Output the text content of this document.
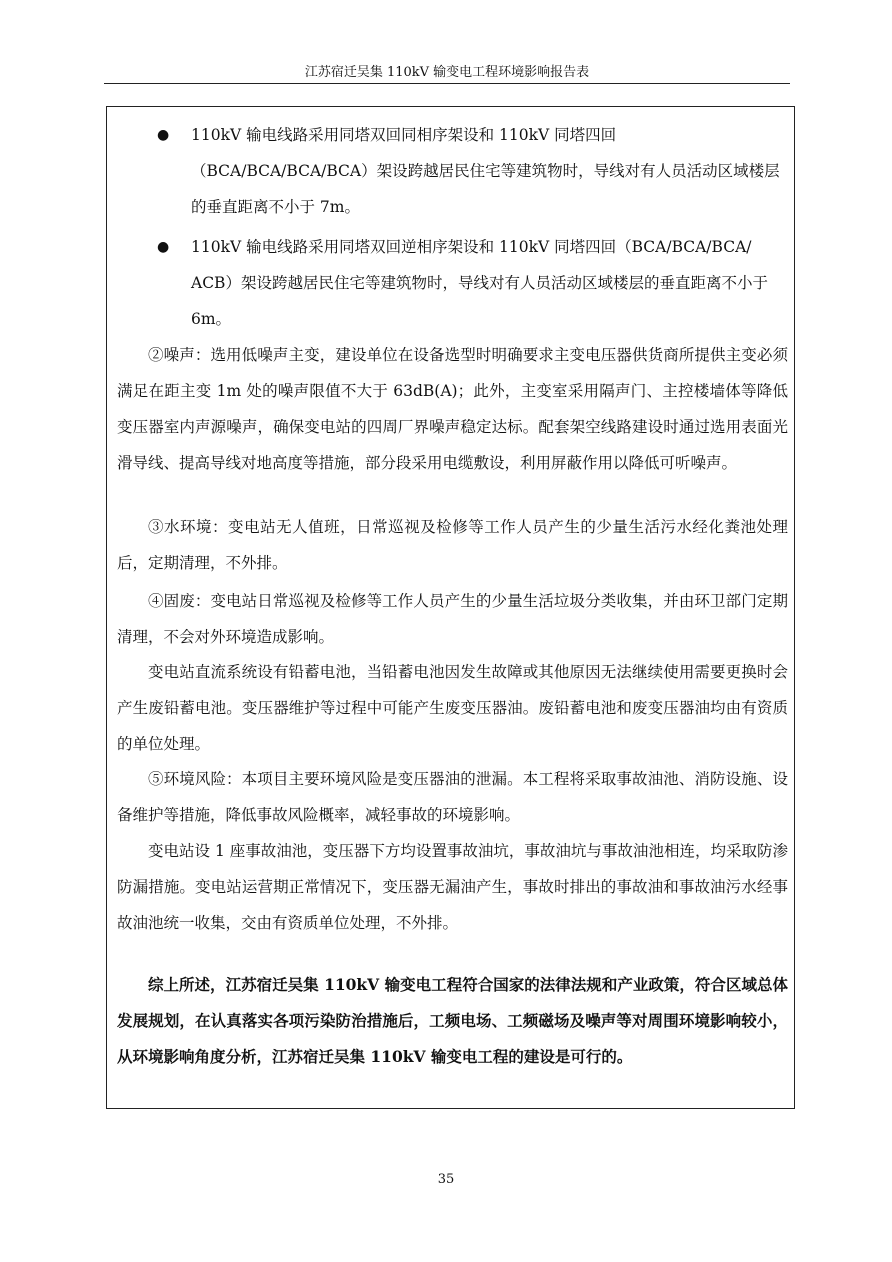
江苏宿迁吴集 110kV 输变电工程环境影响报告表
●	110kV 输电线路采用同塔双回同相序架设和 110kV 同塔四回（BCA/BCA/BCA/BCA）架设跨越居民住宅等建筑物时，导线对有人员活动区域楼层的垂直距离不小于 7m。
●	110kV 输电线路采用同塔双回逆相序架设和 110kV 同塔四回（BCA/BCA/BCA/ ACB）架设跨越居民住宅等建筑物时，导线对有人员活动区域楼层的垂直距离不小于 6m。
②噪声：选用低噪声主变，建设单位在设备选型时明确要求主变电压器供货商所提供主变必须满足在距主变 1m 处的噪声限值不大于 63dB(A)；此外，主变室采用隔声门、主控楼墙体等降低变压器室内声源噪声，确保变电站的四周厂界噪声稳定达标。配套架空线路建设时通过选用表面光滑导线、提高导线对地高度等措施，部分段采用电缆敷设，利用屏蔽作用以降低可听噪声。
③水环境：变电站无人值班，日常巡视及检修等工作人员产生的少量生活污水经化粪池处理后，定期清理，不外排。
④固废：变电站日常巡视及检修等工作人员产生的少量生活垃圾分类收集，并由环卫部门定期清理，不会对外环境造成影响。
变电站直流系统设有铅蓄电池，当铅蓄电池因发生故障或其他原因无法继续使用需要更换时会产生废铅蓄电池。变压器维护等过程中可能产生废变压器油。废铅蓄电池和废变压器油均由有资质的单位处理。
⑤环境风险：本项目主要环境风险是变压器油的泄漏。本工程将采取事故油池、消防设施、设备维护等措施，降低事故风险概率，减轻事故的环境影响。
变电站设 1 座事故油池，变压器下方均设置事故油坑，事故油坑与事故油池相连，均采取防渗防漏措施。变电站运营期正常情况下，变压器无漏油产生，事故时排出的事故油和事故油污水经事故油池统一收集，交由有资质单位处理，不外排。
综上所述，江苏宿迁吴集 110kV 输变电工程符合国家的法律法规和产业政策，符合区域总体发展规划，在认真落实各项污染防治措施后，工频电场、工频磁场及噪声等对周围环境影响较小，从环境影响角度分析，江苏宿迁吴集 110kV 输变电工程的建设是可行的。
35
